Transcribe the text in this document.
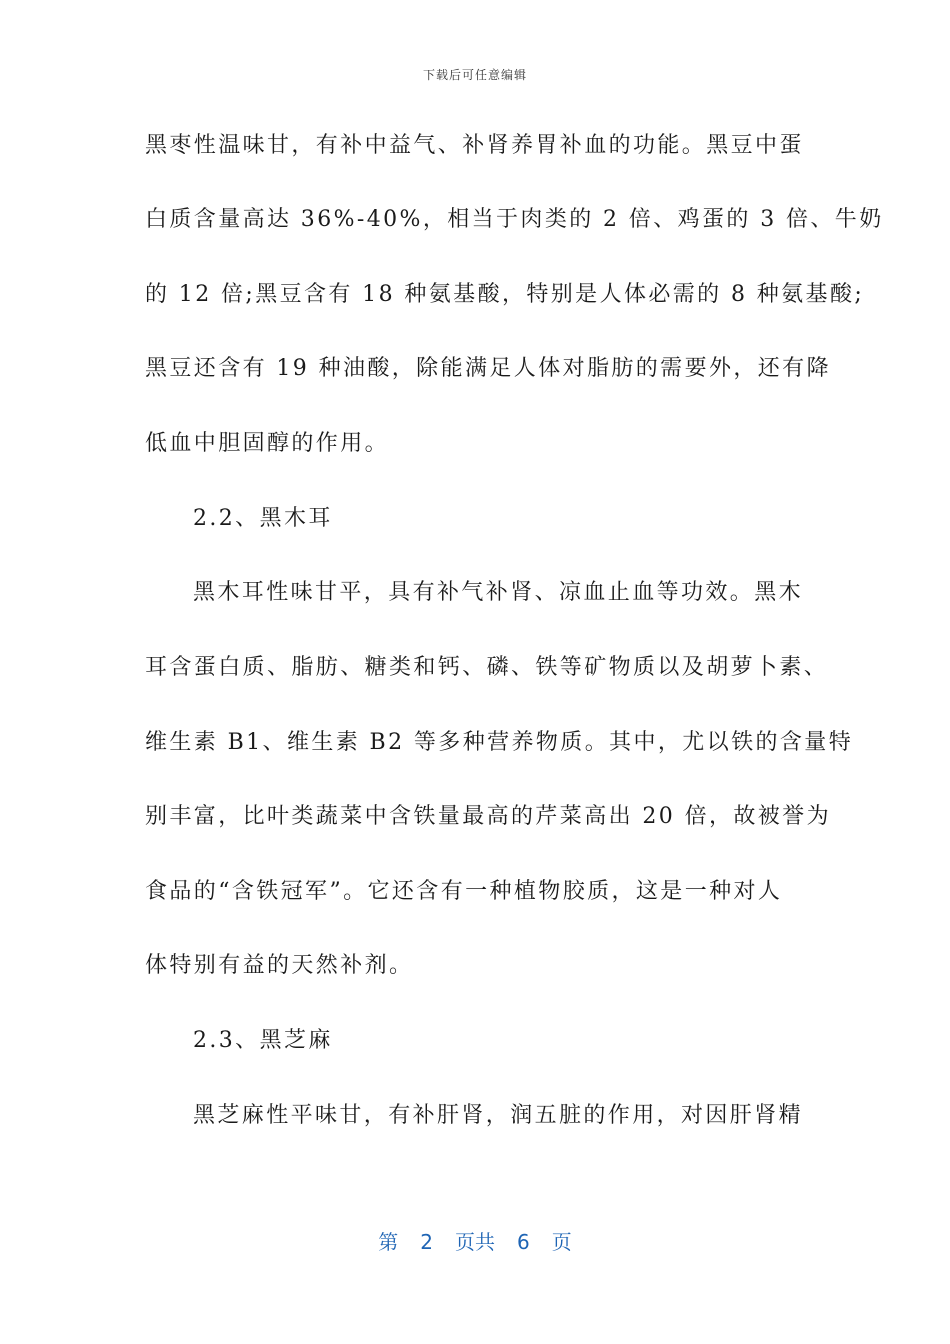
下载后可任意编辑
黑枣性温味甘，有补中益气、补肾养胃补血的功能。黑豆中蛋
白质含量高达 36%-40%，相当于肉类的 2 倍、鸡蛋的 3 倍、牛奶
的 12 倍;黑豆含有 18 种氨基酸，特别是人体必需的 8 种氨基酸;
黑豆还含有 19 种油酸，除能满足人体对脂肪的需要外，还有降
低血中胆固醇的作用。
2.2、黑木耳
黑木耳性味甘平，具有补气补肾、凉血止血等功效。黑木
耳含蛋白质、脂肪、糖类和钙、磷、铁等矿物质以及胡萝卜素、
维生素 B1、维生素 B2 等多种营养物质。其中，尤以铁的含量特
别丰富，比叶类蔬菜中含铁量最高的芹菜高出 20 倍，故被誉为
食品的“含铁冠军”。它还含有一种植物胶质，这是一种对人
体特别有益的天然补剂。
2.3、黑芝麻
黑芝麻性平味甘，有补肝肾，润五脏的作用，对因肝肾精
第 2 页共 6 页
